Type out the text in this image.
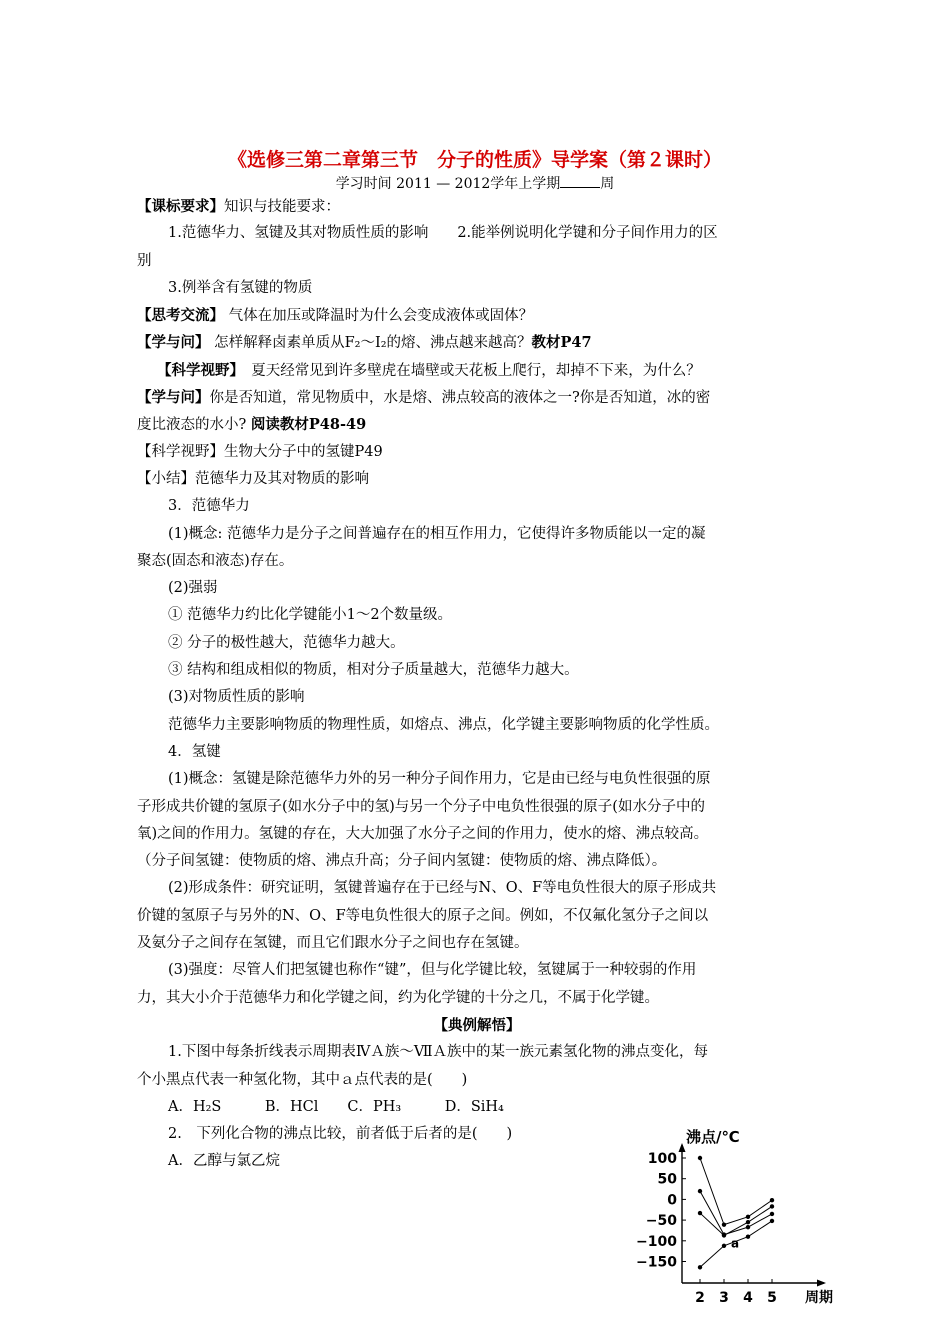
《选修三第二章第三节　分子的性质》导学案（第２课时）
学习时间 2011 — 2012学年上学期	周
【课标要求】知识与技能要求：
1.范德华力、氢键及其对物质性质的影响　　2.能举例说明化学键和分子间作用力的区
别
3.例举含有氢键的物质
【思考交流】 气体在加压或降温时为什么会变成液体或固体？
【学与问】 怎样解释卤素单质从F₂～I₂的熔、沸点越来越高？教材P47
【科学视野】　夏天经常见到许多壁虎在墙壁或天花板上爬行，却掉不下来，为什么？
【学与问】你是否知道，常见物质中，水是熔、沸点较高的液体之一?你是否知道，冰的密
度比液态的水小? 阅读教材P48-49
【科学视野】生物大分子中的氢键P49
【小结】范德华力及其对物质的影响
3．范德华力
(1)概念: 范德华力是分子之间普遍存在的相互作用力，它使得许多物质能以一定的凝
聚态(固态和液态)存在。
(2)强弱
① 范德华力约比化学键能小1～2个数量级。
② 分子的极性越大，范德华力越大。
③ 结构和组成相似的物质，相对分子质量越大，范德华力越大。
(3)对物质性质的影响
范德华力主要影响物质的物理性质，如熔点、沸点，化学键主要影响物质的化学性质。
4．氢键
(1)概念：氢键是除范德华力外的另一种分子间作用力，它是由已经与电负性很强的原
子形成共价键的氢原子(如水分子中的氢)与另一个分子中电负性很强的原子(如水分子中的
氧)之间的作用力。氢键的存在，大大加强了水分子之间的作用力，使水的熔、沸点较高。
（分子间氢键：使物质的熔、沸点升高；分子间内氢键：使物质的熔、沸点降低）。
(2)形成条件：研究证明，氢键普遍存在于已经与N、O、F等电负性很大的原子形成共
价键的氢原子与另外的N、O、F等电负性很大的原子之间。例如，不仅氟化氢分子之间以
及氨分子之间存在氢键，而且它们跟水分子之间也存在氢键。
(3)强度：尽管人们把氢键也称作“键”，但与化学键比较，氢键属于一种较弱的作用
力，其大小介于范德华力和化学键之间，约为化学键的十分之几，不属于化学键。
【典例解悟】
1.下图中每条折线表示周期表ⅣＡ族～ⅦＡ族中的某一族元素氢化物的沸点变化，每
个小黑点代表一种氢化物，其中ａ点代表的是(　　)
A．H₂S　　　B．HCl　　C．PH₃　　　D．SiH₄
2.　下列化合物的沸点比较，前者低于后者的是(　　)
A．乙醇与氯乙烷	100
50
0
−50
−100
−150
2 3 4 5
沸点/℃
周期
a
